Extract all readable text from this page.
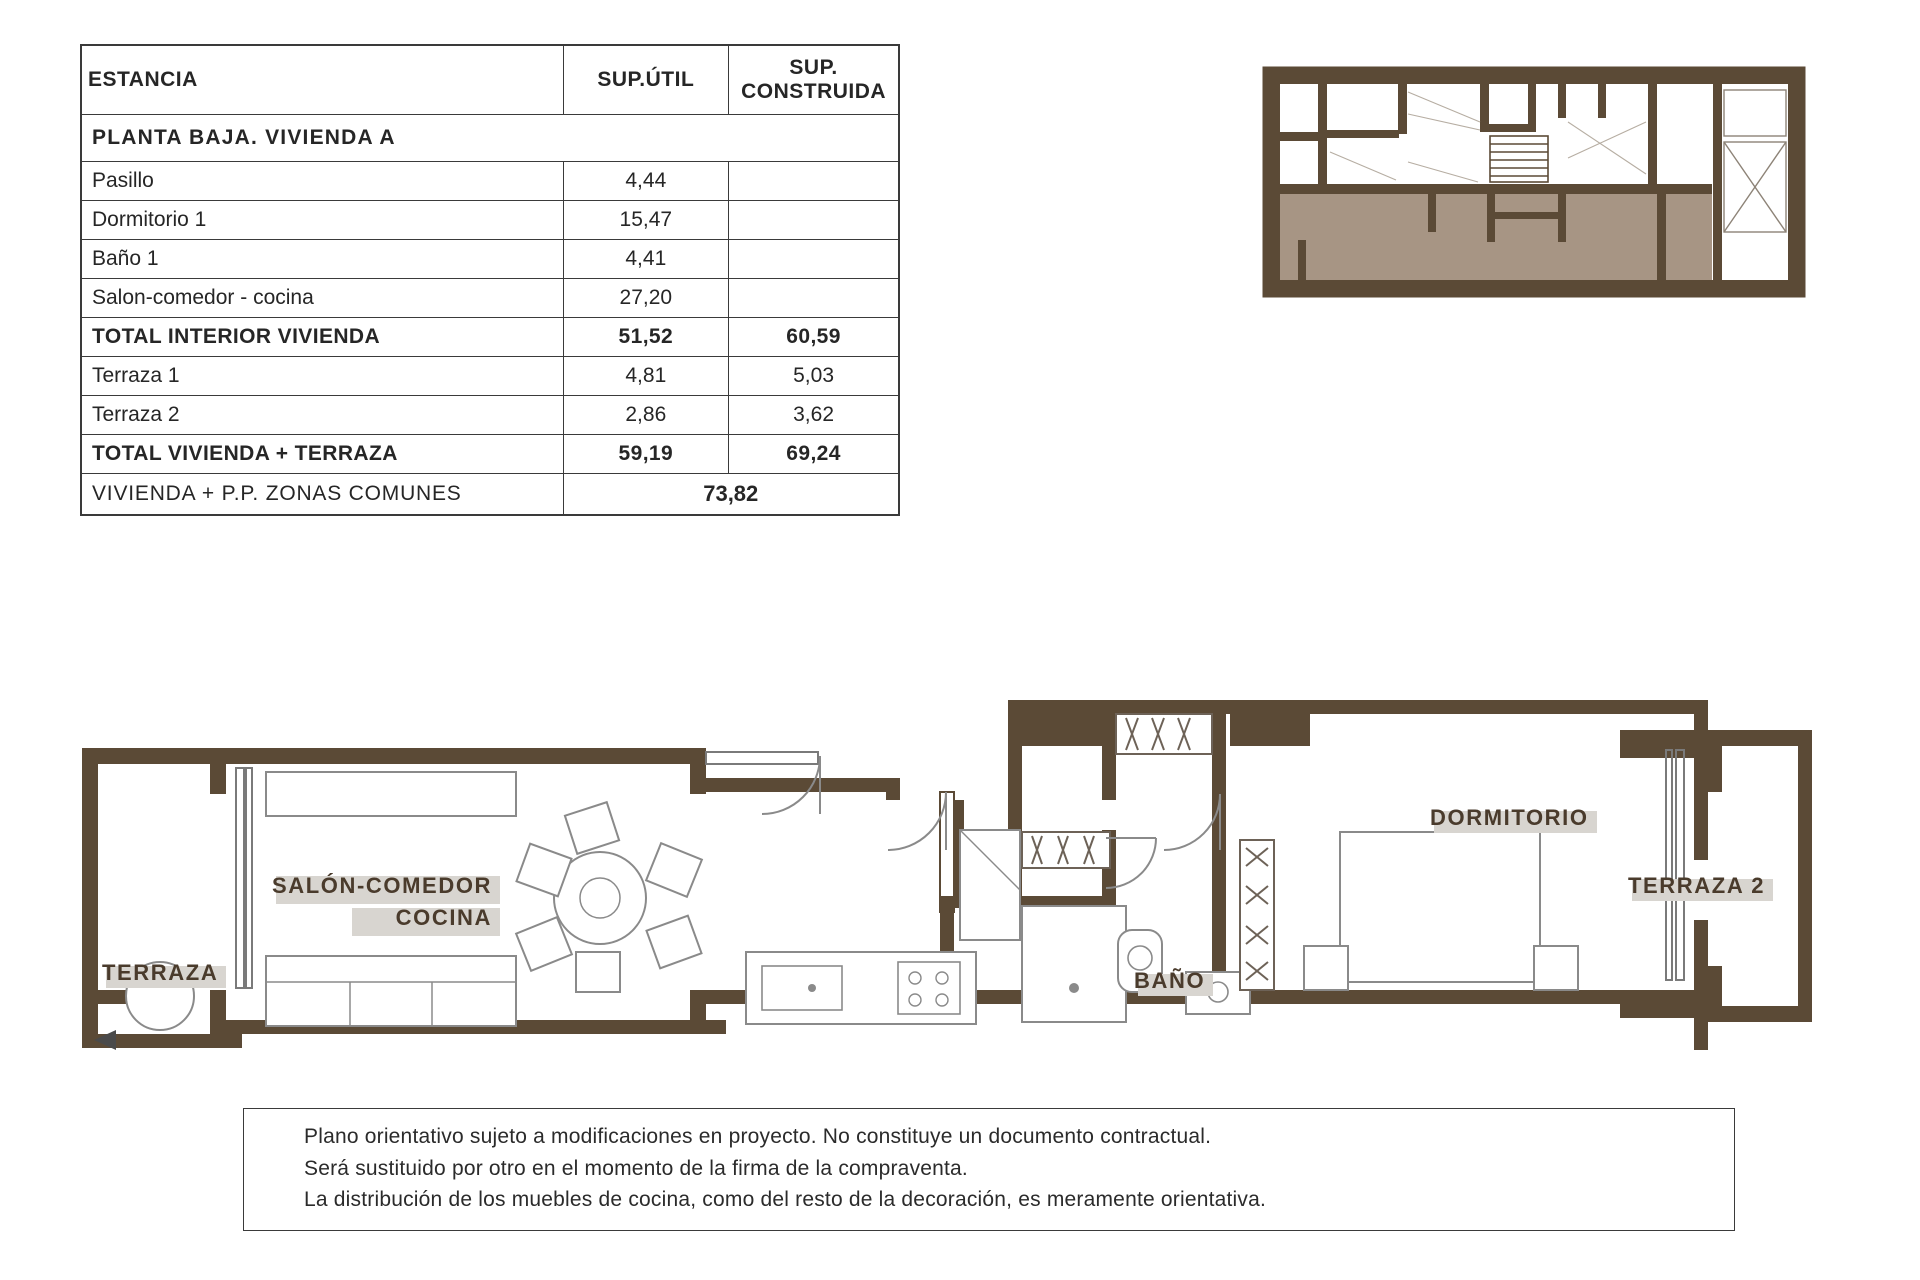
ESTANCIA	SUP.ÚTIL	SUP. CONSTRUIDA
PLANTA BAJA. VIVIENDA A		
Pasillo	4,44	
Dormitorio 1	15,47	
Baño 1	4,41	
Salon-comedor - cocina	27,20	
TOTAL INTERIOR VIVIENDA	51,52	60,59
Terraza 1	4,81	5,03
Terraza 2	2,86	3,62
TOTAL VIVIENDA + TERRAZA	59,19	69,24
VIVIENDA + P.P. ZONAS COMUNES	73,82	
TERRAZA
SALÓN-COMEDOR
COCINA
DORMITORIO
TERRAZA 2
BAÑO

Plano orientativo sujeto a modificaciones en proyecto. No constituye un documento contractual.

Será sustituido por otro en el momento de la firma de la compraventa.

La distribución de los muebles de cocina, como del resto de la decoración, es meramente orientativa.
